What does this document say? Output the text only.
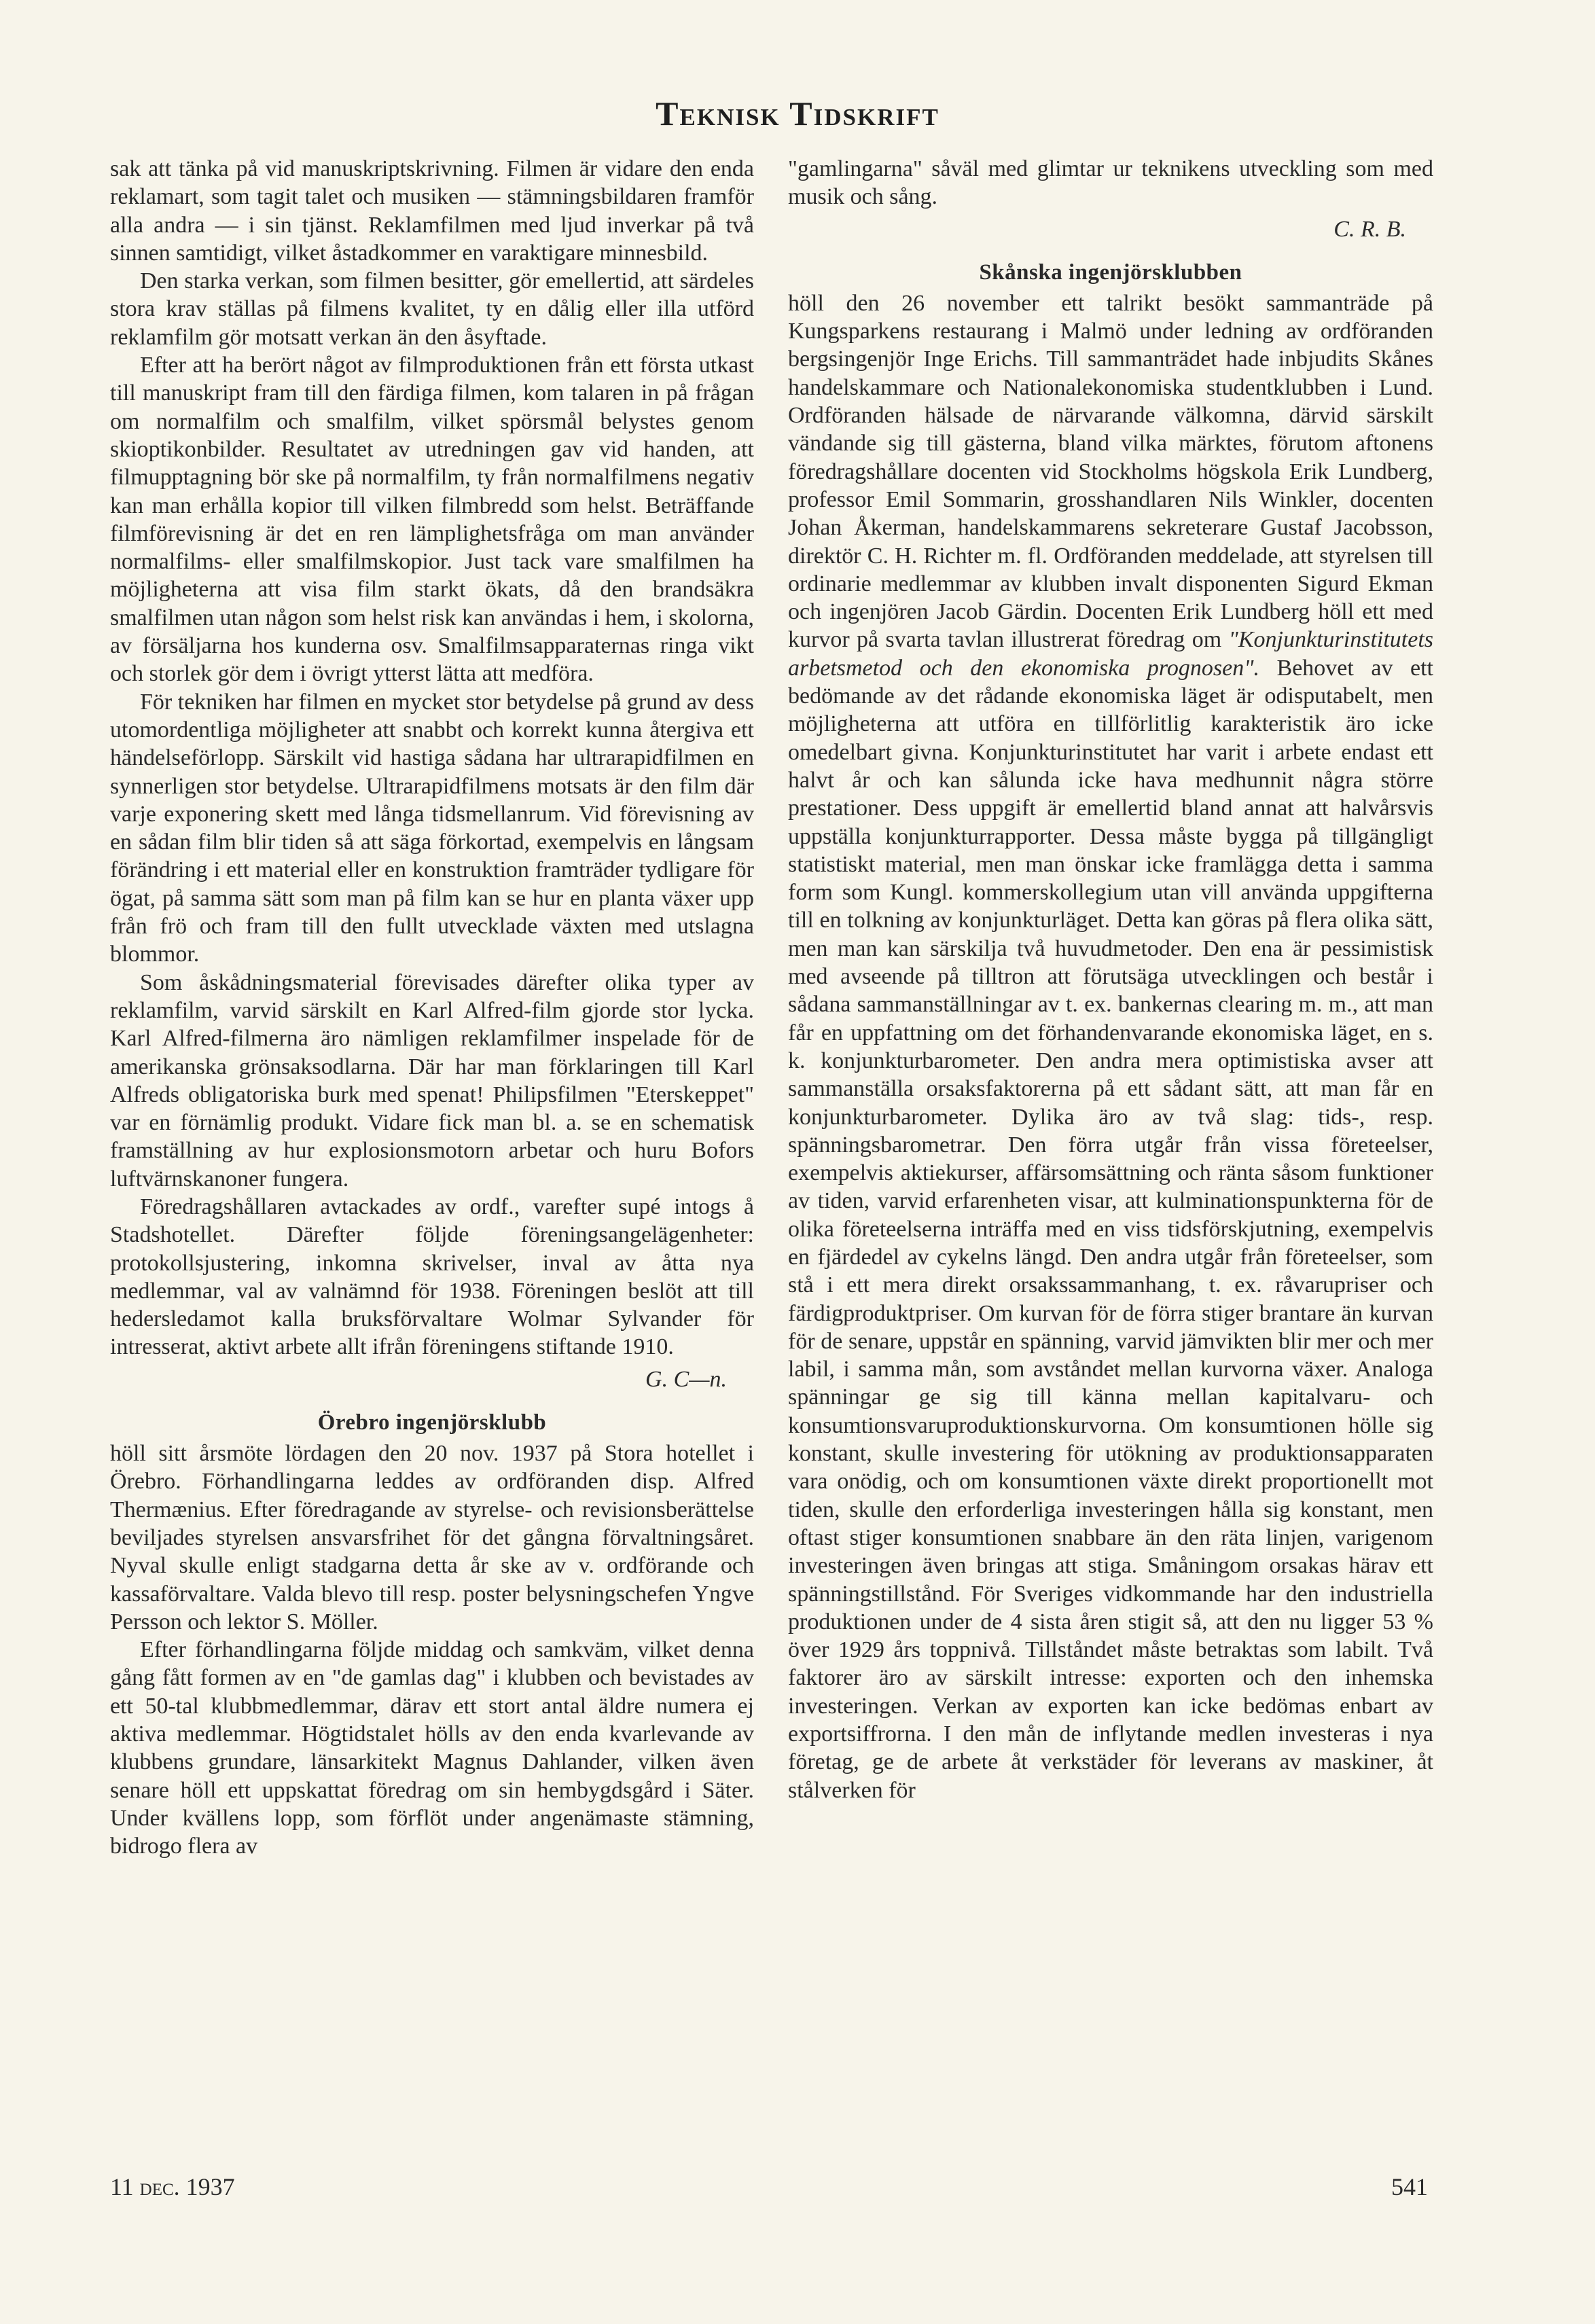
Teknisk Tidskrift

sak att tänka på vid manuskriptskrivning. Filmen är vidare den enda reklamart, som tagit talet och musiken — stämningsbildaren framför alla andra — i sin tjänst. Reklamfilmen med ljud inverkar på två sinnen samtidigt, vilket åstadkommer en varaktigare minnesbild.

Den starka verkan, som filmen besitter, gör emellertid, att särdeles stora krav ställas på filmens kvalitet, ty en dålig eller illa utförd reklamfilm gör motsatt verkan än den åsyftade.

Efter att ha berört något av filmproduktionen från ett första utkast till manuskript fram till den färdiga filmen, kom talaren in på frågan om normalfilm och smalfilm, vilket spörsmål belystes genom skioptikonbilder. Resultatet av utredningen gav vid handen, att filmupptagning bör ske på normalfilm, ty från normalfilmens negativ kan man erhålla kopior till vilken filmbredd som helst. Beträffande filmförevisning är det en ren lämplighetsfråga om man använder normalfilms- eller smalfilmskopior. Just tack vare smalfilmen ha möjligheterna att visa film starkt ökats, då den brandsäkra smalfilmen utan någon som helst risk kan användas i hem, i skolorna, av försäljarna hos kunderna osv. Smalfilmsapparaternas ringa vikt och storlek gör dem i övrigt ytterst lätta att medföra.

För tekniken har filmen en mycket stor betydelse på grund av dess utomordentliga möjligheter att snabbt och korrekt kunna återgiva ett händelseförlopp. Särskilt vid hastiga sådana har ultrarapidfilmen en synnerligen stor betydelse. Ultrarapidfilmens motsats är den film där varje exponering skett med långa tidsmellanrum. Vid förevisning av en sådan film blir tiden så att säga förkortad, exempelvis en långsam förändring i ett material eller en konstruktion framträder tydligare för ögat, på samma sätt som man på film kan se hur en planta växer upp från frö och fram till den fullt utvecklade växten med utslagna blommor.

Som åskådningsmaterial förevisades därefter olika typer av reklamfilm, varvid särskilt en Karl Alfred-film gjorde stor lycka. Karl Alfred-filmerna äro nämligen reklamfilmer inspelade för de amerikanska grönsaksodlarna. Där har man förklaringen till Karl Alfreds obligatoriska burk med spenat! Philipsfilmen "Eterskeppet" var en förnämlig produkt. Vidare fick man bl. a. se en schematisk framställning av hur explosionsmotorn arbetar och huru Bofors luftvärnskanoner fungera.

Föredragshållaren avtackades av ordf., varefter supé intogs å Stadshotellet. Därefter följde föreningsangelägenheter: protokollsjustering, inkomna skrivelser, inval av åtta nya medlemmar, val av valnämnd för 1938. Föreningen beslöt att till hedersledamot kalla bruksförvaltare Wolmar Sylvander för intresserat, aktivt arbete allt ifrån föreningens stiftande 1910.

G. C—n.
Örebro ingenjörsklubb

höll sitt årsmöte lördagen den 20 nov. 1937 på Stora hotellet i Örebro. Förhandlingarna leddes av ordföranden disp. Alfred Thermænius. Efter föredragande av styrelse- och revisionsberättelse beviljades styrelsen ansvarsfrihet för det gångna förvaltningsåret. Nyval skulle enligt stadgarna detta år ske av v. ordförande och kassaförvaltare. Valda blevo till resp. poster belysningschefen Yngve Persson och lektor S. Möller.

Efter förhandlingarna följde middag och samkväm, vilket denna gång fått formen av en "de gamlas dag" i klubben och bevistades av ett 50-tal klubbmedlemmar, därav ett stort antal äldre numera ej aktiva medlemmar. Högtidstalet hölls av den enda kvarlevande av klubbens grundare, länsarkitekt Magnus Dahlander, vilken även senare höll ett uppskattat föredrag om sin hembygdsgård i Säter. Under kvällens lopp, som förflöt under angenämaste stämning, bidrogo flera av

"gamlingarna" såväl med glimtar ur teknikens utveckling som med musik och sång.

C. R. B.
Skånska ingenjörsklubben

höll den 26 november ett talrikt besökt sammanträde på Kungsparkens restaurang i Malmö under ledning av ordföranden bergsingenjör Inge Erichs. Till sammanträdet hade inbjudits Skånes handelskammare och Nationalekonomiska studentklubben i Lund. Ordföranden hälsade de närvarande välkomna, därvid särskilt vändande sig till gästerna, bland vilka märktes, förutom aftonens föredragshållare docenten vid Stockholms högskola Erik Lundberg, professor Emil Sommarin, grosshandlaren Nils Winkler, docenten Johan Åkerman, handelskammarens sekreterare Gustaf Jacobsson, direktör C. H. Richter m. fl. Ordföranden meddelade, att styrelsen till ordinarie medlemmar av klubben invalt disponenten Sigurd Ekman och ingenjören Jacob Gärdin. Docenten Erik Lundberg höll ett med kurvor på svarta tavlan illustrerat föredrag om "Konjunkturinstitutets arbetsmetod och den ekonomiska prognosen". Behovet av ett bedömande av det rådande ekonomiska läget är odisputabelt, men möjligheterna att utföra en tillförlitlig karakteristik äro icke omedelbart givna. Konjunkturinstitutet har varit i arbete endast ett halvt år och kan sålunda icke hava medhunnit några större prestationer. Dess uppgift är emellertid bland annat att halvårsvis uppställa konjunkturrapporter. Dessa måste bygga på tillgängligt statistiskt material, men man önskar icke framlägga detta i samma form som Kungl. kommerskollegium utan vill använda uppgifterna till en tolkning av konjunkturläget. Detta kan göras på flera olika sätt, men man kan särskilja två huvudmetoder. Den ena är pessimistisk med avseende på tilltron att förutsäga utvecklingen och består i sådana sammanställningar av t. ex. bankernas clearing m. m., att man får en uppfattning om det förhandenvarande ekonomiska läget, en s. k. konjunkturbarometer. Den andra mera optimistiska avser att sammanställa orsaksfaktorerna på ett sådant sätt, att man får en konjunkturbarometer. Dylika äro av två slag: tids-, resp. spänningsbarometrar. Den förra utgår från vissa företeelser, exempelvis aktiekurser, affärsomsättning och ränta såsom funktioner av tiden, varvid erfarenheten visar, att kulminationspunkterna för de olika företeelserna inträffa med en viss tidsförskjutning, exempelvis en fjärdedel av cykelns längd. Den andra utgår från företeelser, som stå i ett mera direkt orsakssammanhang, t. ex. råvarupriser och färdigproduktpriser. Om kurvan för de förra stiger brantare än kurvan för de senare, uppstår en spänning, varvid jämvikten blir mer och mer labil, i samma mån, som avståndet mellan kurvorna växer. Analoga spänningar ge sig till känna mellan kapitalvaru- och konsumtionsvaruproduktionskurvorna. Om konsumtionen hölle sig konstant, skulle investering för utökning av produktionsapparaten vara onödig, och om konsumtionen växte direkt proportionellt mot tiden, skulle den erforderliga investeringen hålla sig konstant, men oftast stiger konsumtionen snabbare än den räta linjen, varigenom investeringen även bringas att stiga. Småningom orsakas härav ett spänningstillstånd. För Sveriges vidkommande har den industriella produktionen under de 4 sista åren stigit så, att den nu ligger 53 % över 1929 års toppnivå. Tillståndet måste betraktas som labilt. Två faktorer äro av särskilt intresse: exporten och den inhemska investeringen. Verkan av exporten kan icke bedömas enbart av exportsiffrorna. I den mån de inflytande medlen investeras i nya företag, ge de arbete åt verkstäder för leverans av maskiner, åt stålverken för

11 dec. 1937	541
